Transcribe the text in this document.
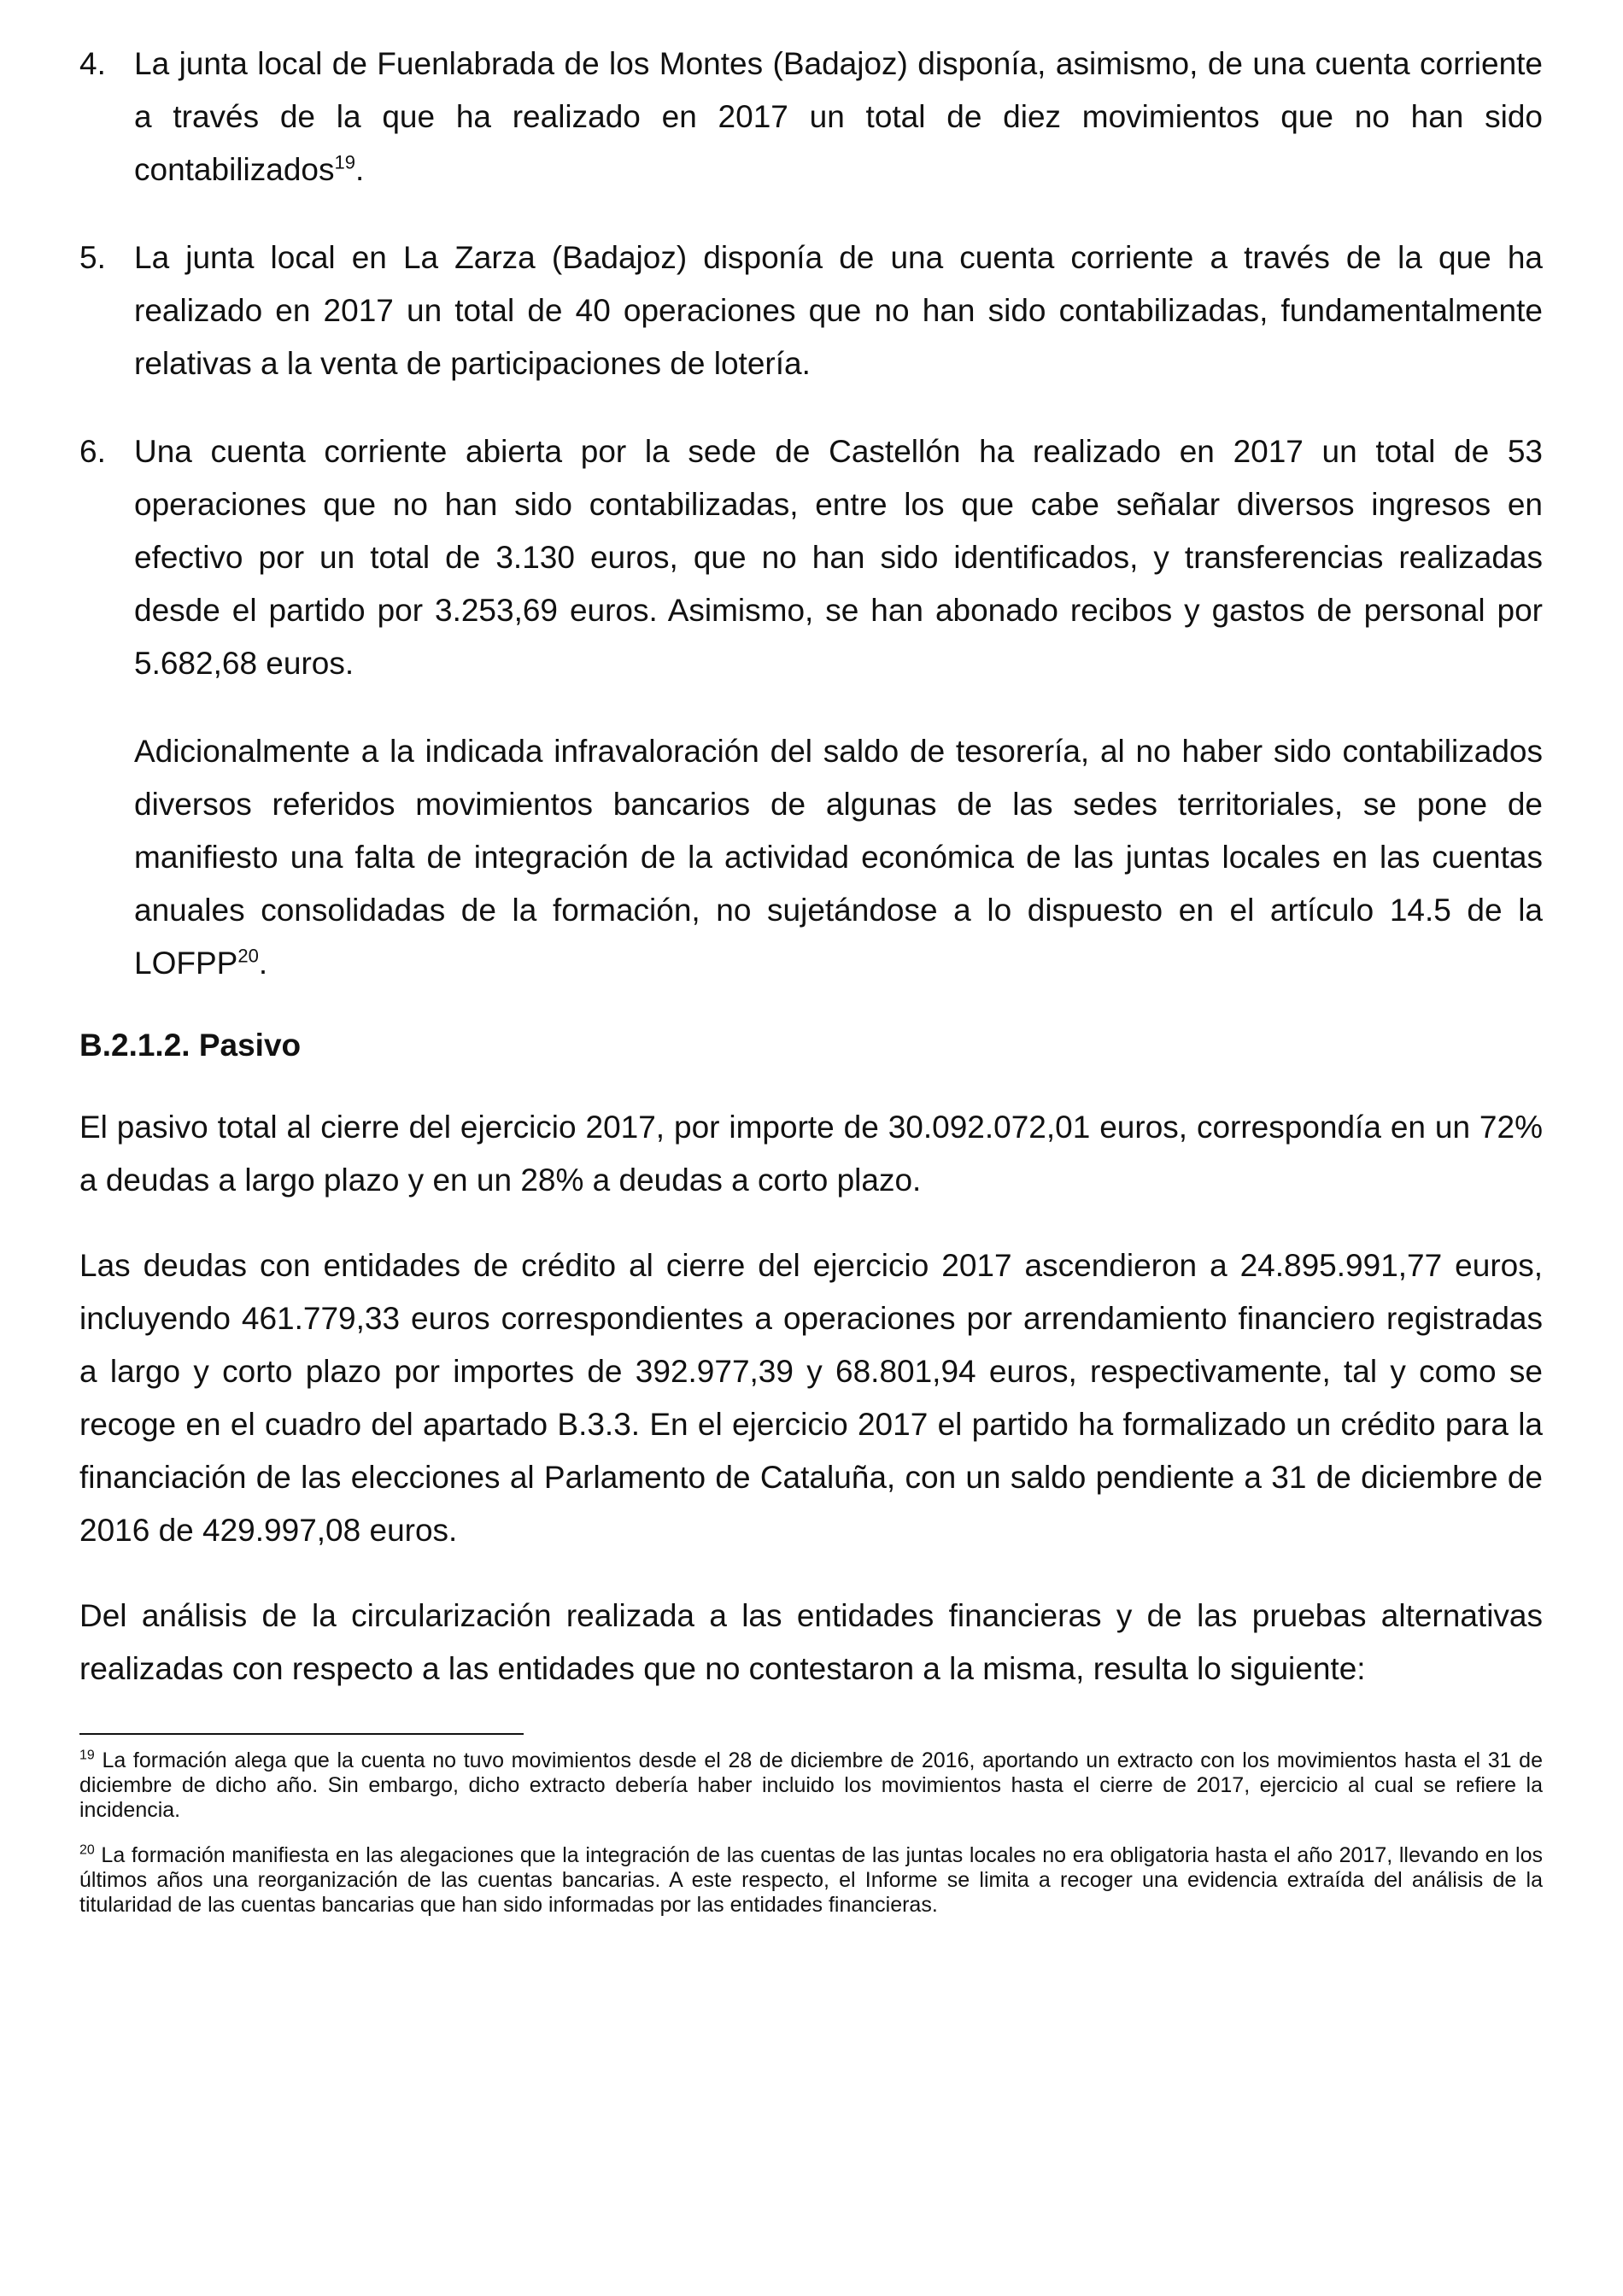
4. La junta local de Fuenlabrada de los Montes (Badajoz) disponía, asimismo, de una cuenta corriente a través de la que ha realizado en 2017 un total de diez movimientos que no han sido contabilizados$^{19}$.
5. La junta local en La Zarza (Badajoz) disponía de una cuenta corriente a través de la que ha realizado en 2017 un total de 40 operaciones que no han sido contabilizadas, fundamentalmente relativas a la venta de participaciones de lotería.
6. Una cuenta corriente abierta por la sede de Castellón ha realizado en 2017 un total de 53 operaciones que no han sido contabilizadas, entre los que cabe señalar diversos ingresos en efectivo por un total de 3.130 euros, que no han sido identificados, y transferencias realizadas desde el partido por 3.253,69 euros. Asimismo, se han abonado recibos y gastos de personal por 5.682,68 euros.

Adicionalmente a la indicada infravaloración del saldo de tesorería, al no haber sido contabilizados diversos referidos movimientos bancarios de algunas de las sedes territoriales, se pone de manifiesto una falta de integración de la actividad económica de las juntas locales en las cuentas anuales consolidadas de la formación, no sujetándose a lo dispuesto en el artículo 14.5 de la LOFPP$^{20}$.

B.2.1.2. Pasivo

El pasivo total al cierre del ejercicio 2017, por importe de 30.092.072,01 euros, correspondía en un 72% a deudas a largo plazo y en un 28% a deudas a corto plazo.

Las deudas con entidades de crédito al cierre del ejercicio 2017 ascendieron a 24.895.991,77 euros, incluyendo 461.779,33 euros correspondientes a operaciones por arrendamiento financiero registradas a largo y corto plazo por importes de 392.977,39 y 68.801,94 euros, respectivamente, tal y como se recoge en el cuadro del apartado B.3.3. En el ejercicio 2017 el partido ha formalizado un crédito para la financiación de las elecciones al Parlamento de Cataluña, con un saldo pendiente a 31 de diciembre de 2016 de 429.997,08 euros.

Del análisis de la circularización realizada a las entidades financieras y de las pruebas alternativas realizadas con respecto a las entidades que no contestaron a la misma, resulta lo siguiente:

$^{19}$ La formación alega que la cuenta no tuvo movimientos desde el 28 de diciembre de 2016, aportando un extracto con los movimientos hasta el 31 de diciembre de dicho año. Sin embargo, dicho extracto debería haber incluido los movimientos hasta el cierre de 2017, ejercicio al cual se refiere la incidencia.

$^{20}$ La formación manifiesta en las alegaciones que la integración de las cuentas de las juntas locales no era obligatoria hasta el año 2017, llevando en los últimos años una reorganización de las cuentas bancarias. A este respecto, el Informe se limita a recoger una evidencia extraída del análisis de la titularidad de las cuentas bancarias que han sido informadas por las entidades financieras.
